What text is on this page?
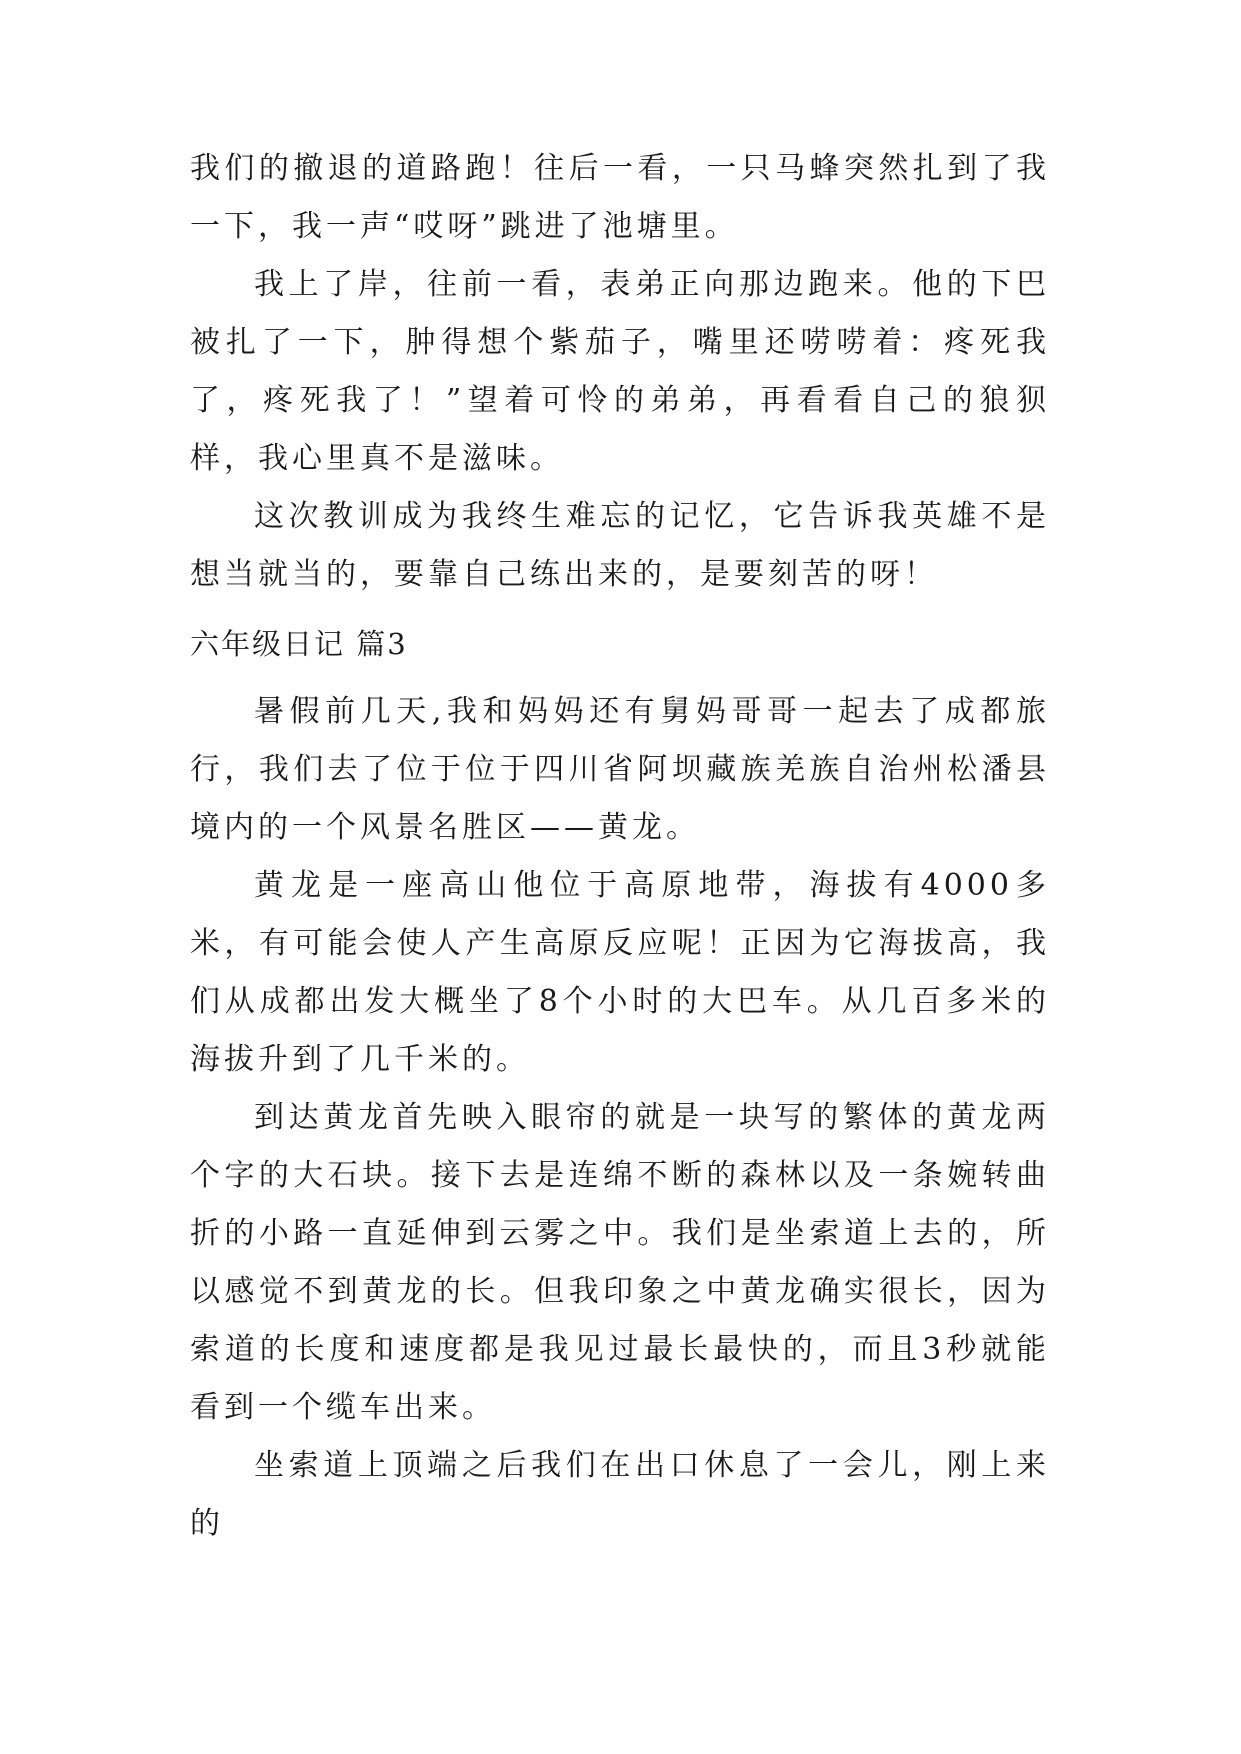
我们的撤退的道路跑！往后一看，一只马蜂突然扎到了我一下，我一声“哎呀”跳进了池塘里。

我上了岸，往前一看，表弟正向那边跑来。他的下巴被扎了一下，肿得想个紫茄子，嘴里还唠唠着：疼死我了，疼死我了！”望着可怜的弟弟，再看看自己的狼狈样，我心里真不是滋味。

这次教训成为我终生难忘的记忆，它告诉我英雄不是想当就当的，要靠自己练出来的，是要刻苦的呀！

六年级日记 篇3

暑假前几天,我和妈妈还有舅妈哥哥一起去了成都旅行，我们去了位于位于四川省阿坝藏族羌族自治州松潘县境内的一个风景名胜区——黄龙。

黄龙是一座高山他位于高原地带，海拔有4000多米，有可能会使人产生高原反应呢！正因为它海拔高，我们从成都出发大概坐了8个小时的大巴车。从几百多米的海拔升到了几千米的。

到达黄龙首先映入眼帘的就是一块写的繁体的黄龙两个字的大石块。接下去是连绵不断的森林以及一条婉转曲折的小路一直延伸到云雾之中。我们是坐索道上去的，所以感觉不到黄龙的长。但我印象之中黄龙确实很长，因为索道的长度和速度都是我见过最长最快的，而且3秒就能看到一个缆车出来。

坐索道上顶端之后我们在出口休息了一会儿，刚上来的
